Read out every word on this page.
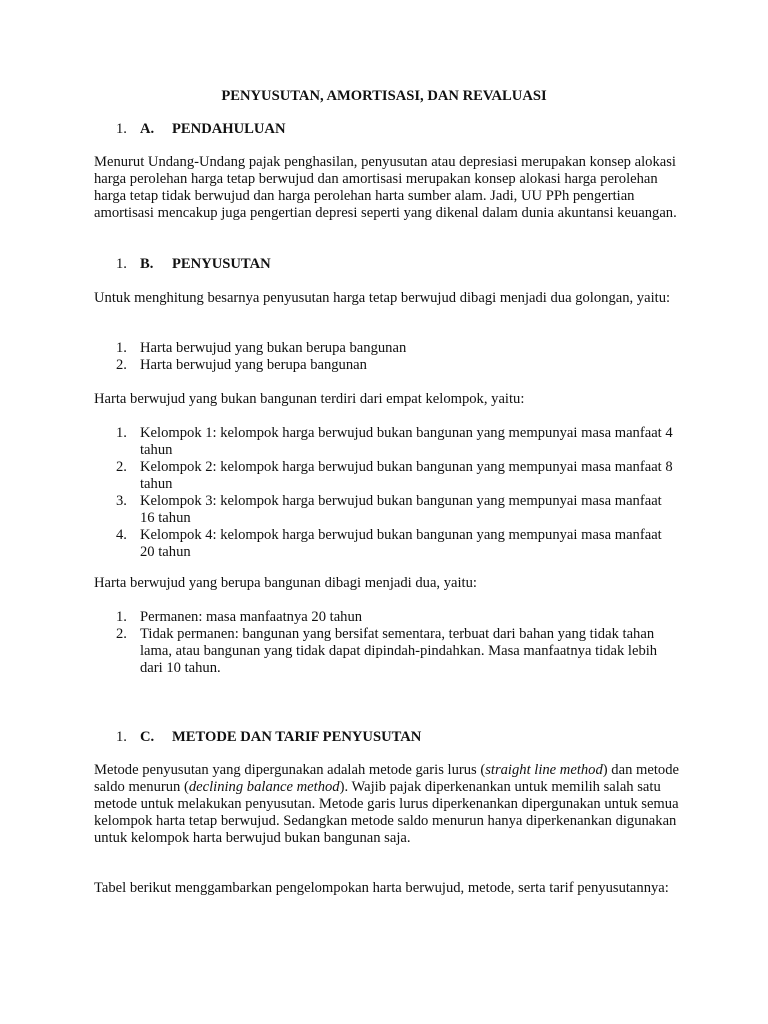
PENYUSUTAN, AMORTISASI, DAN REVALUASI
1. A. PENDAHULUAN

Menurut Undang-Undang pajak penghasilan, penyusutan atau depresiasi merupakan konsep alokasi harga perolehan harga tetap berwujud dan amortisasi merupakan konsep alokasi harga perolehan harga tetap tidak berwujud dan harga perolehan harta sumber alam. Jadi, UU PPh pengertian amortisasi mencakup juga pengertian depresi seperti yang dikenal dalam dunia akuntansi keuangan.

1. B. PENYUSUTAN

Untuk menghitung besarnya penyusutan harga tetap berwujud dibagi menjadi dua golongan, yaitu:

1. Harta berwujud yang bukan berupa bangunan
2. Harta berwujud yang berupa bangunan

Harta berwujud yang bukan bangunan terdiri dari empat kelompok, yaitu:

1. Kelompok 1: kelompok harga berwujud bukan bangunan yang mempunyai masa manfaat 4 tahun
2. Kelompok 2: kelompok harga berwujud bukan bangunan yang mempunyai masa manfaat 8 tahun
3. Kelompok 3: kelompok harga berwujud bukan bangunan yang mempunyai masa manfaat 16 tahun
4. Kelompok 4: kelompok harga berwujud bukan bangunan yang mempunyai masa manfaat 20 tahun

Harta berwujud yang berupa bangunan dibagi menjadi dua, yaitu:

1. Permanen: masa manfaatnya 20 tahun
2. Tidak permanen: bangunan yang bersifat sementara, terbuat dari bahan yang tidak tahan lama, atau bangunan yang tidak dapat dipindah-pindahkan. Masa manfaatnya tidak lebih dari 10 tahun.
1. C. METODE DAN TARIF PENYUSUTAN

Metode penyusutan yang dipergunakan adalah metode garis lurus (straight line method) dan metode saldo menurun (declining balance method). Wajib pajak diperkenankan untuk memilih salah satu metode untuk melakukan penyusutan. Metode garis lurus diperkenankan dipergunakan untuk semua kelompok harta tetap berwujud. Sedangkan metode saldo menurun hanya diperkenankan digunakan untuk kelompok harta berwujud bukan bangunan saja.

Tabel berikut menggambarkan pengelompokan harta berwujud, metode, serta tarif penyusutannya:
